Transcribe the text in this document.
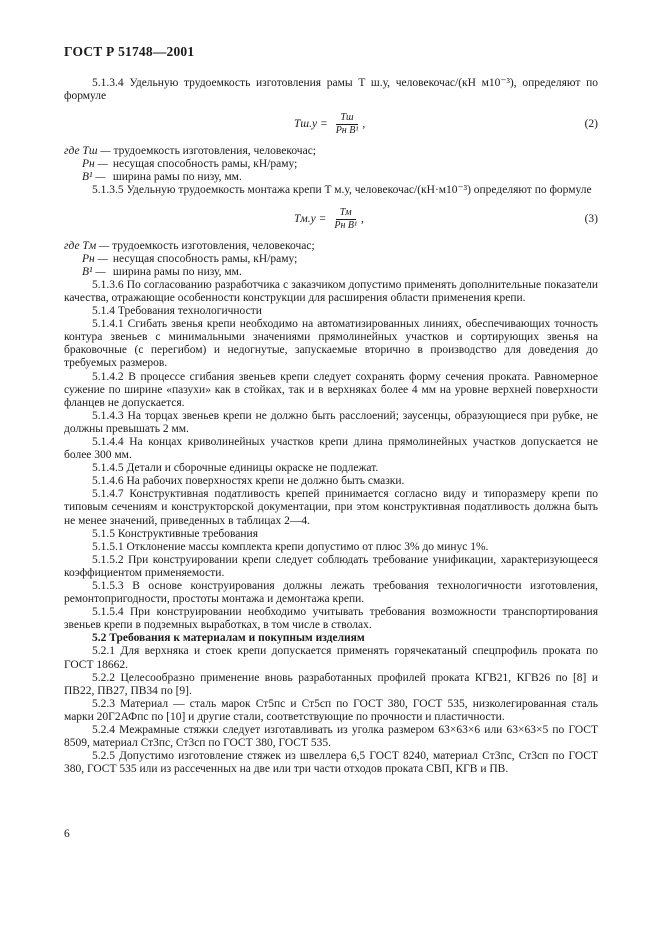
ГОСТ Р 51748—2001

5.1.3.4 Удельную трудоемкость изготовления рамы T ш.у, человекочас/(кН м10⁻³), определяют по формуле

$Tш.у = \frac{Tш}{\text{Pн B¹}}$ ,	(2)

где Tш — трудоемкость изготовления, человекочас;

Pн — несущая способность рамы, кН/раму;

B¹ — ширина рамы по низу, мм.

5.1.3.5 Удельную трудоемкость монтажа крепи T м.у, человекочас/(кН·м10⁻³) определяют по формуле

$Tм.у = \frac{Tм}{\text{Pн B¹}}$ ,	(3)

где Tм — трудоемкость изготовления, человекочас;

Pн — несущая способность рамы, кН/раму;

B¹ — ширина рамы по низу, мм.

5.1.3.6 По согласованию разработчика с заказчиком допустимо применять дополнительные показатели качества, отражающие особенности конструкции для расширения области применения крепи.

5.1.4 Требования технологичности

5.1.4.1 Сгибать звенья крепи необходимо на автоматизированных линиях, обеспечивающих точность контура звеньев с минимальными значениями прямолинейных участков и сортирующих звенья на браковочные (с перегибом) и недогнутые, запускаемые вторично в производство для доведения до требуемых размеров.

5.1.4.2 В процессе сгибания звеньев крепи следует сохранять форму сечения проката. Равномерное сужение по ширине «пазухи» как в стойках, так и в верхняках более 4 мм на уровне верхней поверхности фланцев не допускается.

5.1.4.3 На торцах звеньев крепи не должно быть расслоений; заусенцы, образующиеся при рубке, не должны превышать 2 мм.

5.1.4.4 На концах криволинейных участков крепи длина прямолинейных участков допускается не более 300 мм.

5.1.4.5 Детали и сборочные единицы окраске не подлежат.

5.1.4.6 На рабочих поверхностях крепи не должно быть смазки.

5.1.4.7 Конструктивная податливость крепей принимается согласно виду и типоразмеру крепи по типовым сечениям и конструкторской документации, при этом конструктивная податливость должна быть не менее значений, приведенных в таблицах 2—4.

5.1.5 Конструктивные требования

5.1.5.1 Отклонение массы комплекта крепи допустимо от плюс 3% до минус 1%.

5.1.5.2 При конструировании крепи следует соблюдать требование унификации, характеризующееся коэффициентом применяемости.

5.1.5.3 В основе конструирования должны лежать требования технологичности изготовления, ремонтопригодности, простоты монтажа и демонтажа крепи.

5.1.5.4 При конструировании необходимо учитывать требования возможности транспортирования звеньев крепи в подземных выработках, в том числе в стволах.

5.2 Требования к материалам и покупным изделиям

5.2.1 Для верхняка и стоек крепи допускается применять горячекатаный спецпрофиль проката по ГОСТ 18662.

5.2.2 Целесообразно применение вновь разработанных профилей проката КГВ21, КГВ26 по [8] и ПВ22, ПВ27, ПВ34 по [9].

5.2.3 Материал — сталь марок Ст5пс и Ст5сп по ГОСТ 380, ГОСТ 535, низколегированная сталь марки 20Г2АФпс по [10] и другие стали, соответствующие по прочности и пластичности.

5.2.4 Межрамные стяжки следует изготавливать из уголка размером 63×63×6 или 63×63×5 по ГОСТ 8509, материал Ст3пс, Ст3сп по ГОСТ 380, ГОСТ 535.

5.2.5 Допустимо изготовление стяжек из швеллера 6,5 ГОСТ 8240, материал Ст3пс, Ст3сп по ГОСТ 380, ГОСТ 535 или из рассеченных на две или три части отходов проката СВП, КГВ и ПВ.

6
